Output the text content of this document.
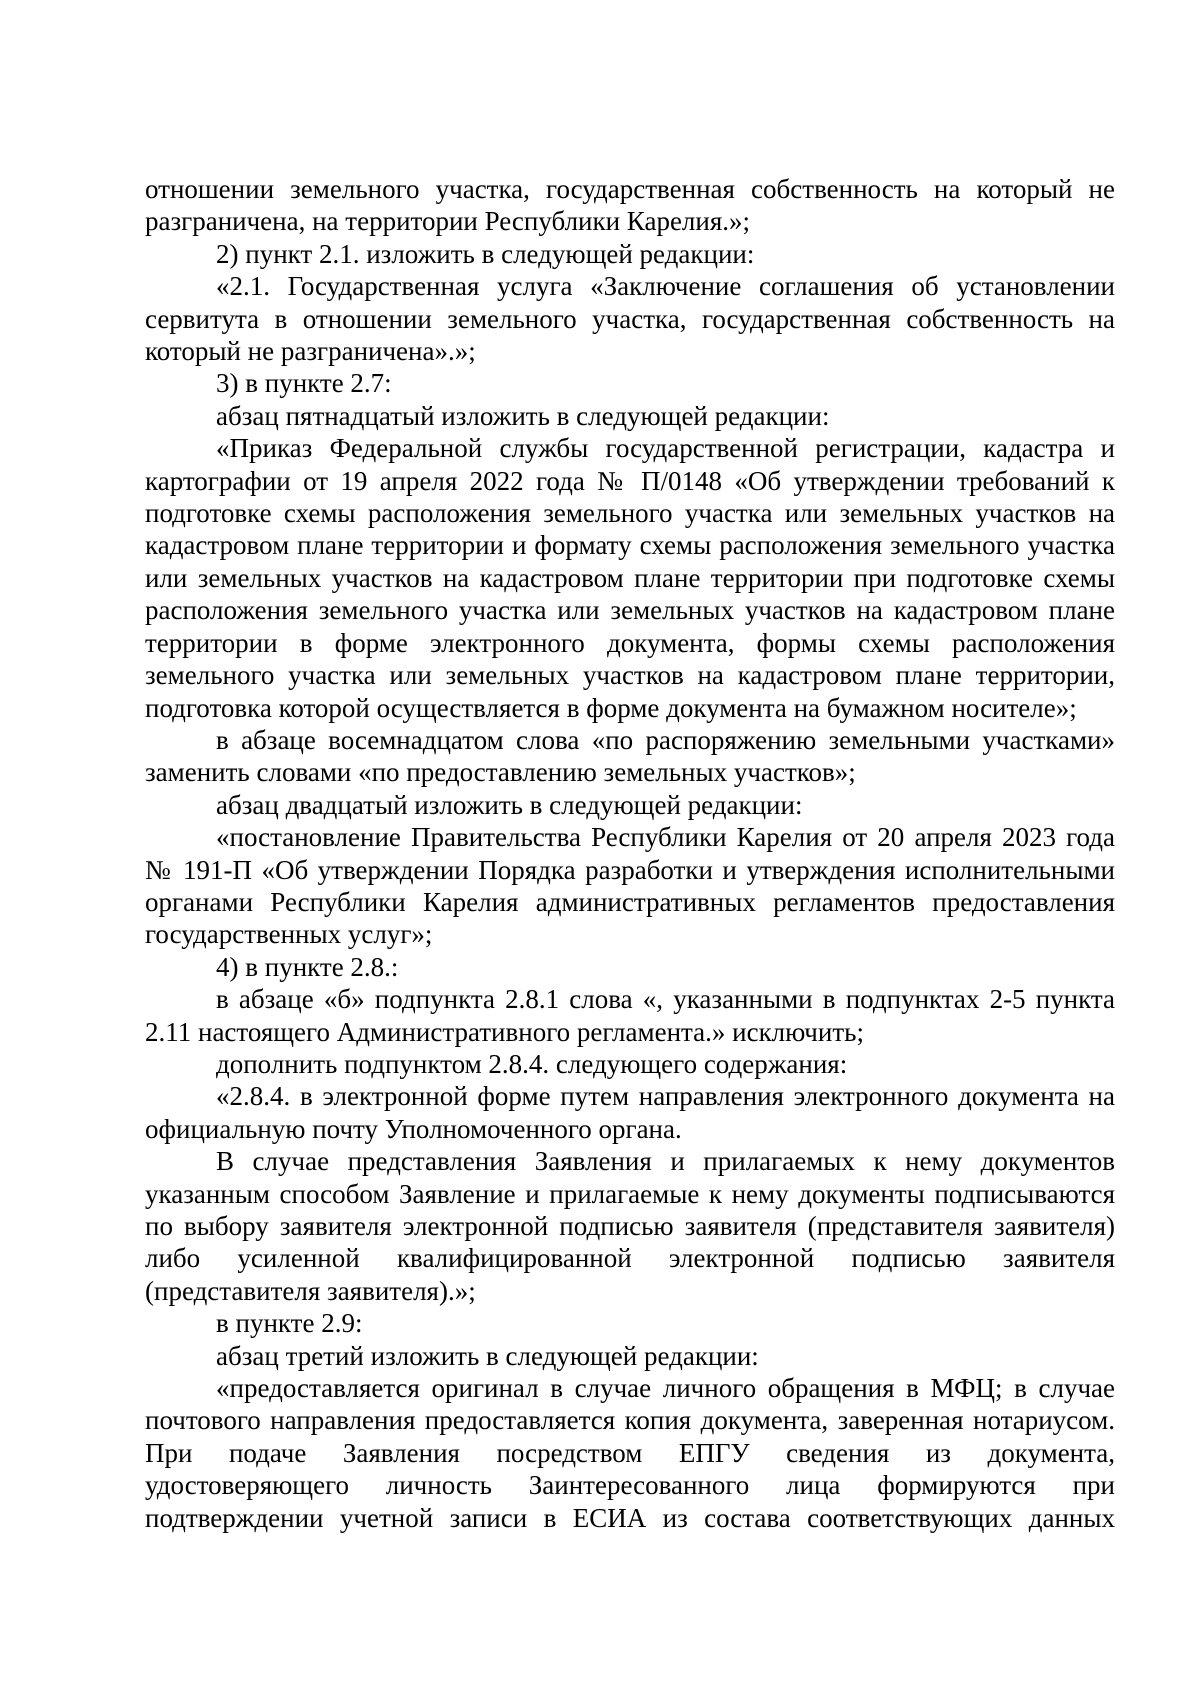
отношении земельного участка, государственная собственность на который не разграничена, на территории Республики Карелия.»;

2) пункт 2.1. изложить в следующей редакции:

«2.1. Государственная услуга «Заключение соглашения об установлении сервитута в отношении земельного участка, государственная собственность на который не разграничена».»;

3) в пункте 2.7:

абзац пятнадцатый изложить в следующей редакции:

«Приказ Федеральной службы государственной регистрации, кадастра и картографии от 19 апреля 2022 года № П/0148 «Об утверждении требований к подготовке схемы расположения земельного участка или земельных участков на кадастровом плане территории и формату схемы расположения земельного участка или земельных участков на кадастровом плане территории при подготовке схемы расположения земельного участка или земельных участков на кадастровом плане территории в форме электронного документа, формы схемы расположения земельного участка или земельных участков на кадастровом плане территории, подготовка которой осуществляется в форме документа на бумажном носителе»;

в абзаце восемнадцатом слова «по распоряжению земельными участками» заменить словами «по предоставлению земельных участков»;

абзац двадцатый изложить в следующей редакции:

«постановление Правительства Республики Карелия от 20 апреля 2023 года № 191-П «Об утверждении Порядка разработки и утверждения исполнительными органами Республики Карелия административных регламентов предоставления государственных услуг»;

4) в пункте 2.8.:

в абзаце «б» подпункта 2.8.1 слова «, указанными в подпунктах 2-5 пункта 2.11 настоящего Административного регламента.» исключить;

дополнить подпунктом 2.8.4. следующего содержания:

«2.8.4. в электронной форме путем направления электронного документа на официальную почту Уполномоченного органа.

В случае представления Заявления и прилагаемых к нему документов указанным способом Заявление и прилагаемые к нему документы подписываются по выбору заявителя электронной подписью заявителя (представителя заявителя) либо усиленной квалифицированной электронной подписью заявителя (представителя заявителя).»;

в пункте 2.9:

абзац третий изложить в следующей редакции:

«предоставляется оригинал в случае личного обращения в МФЦ; в случае почтового направления предоставляется копия документа, заверенная нотариусом. При подаче Заявления посредством ЕПГУ сведения из документа, удостоверяющего личность Заинтересованного лица формируются при подтверждении учетной записи в ЕСИА из состава соответствующих данных
